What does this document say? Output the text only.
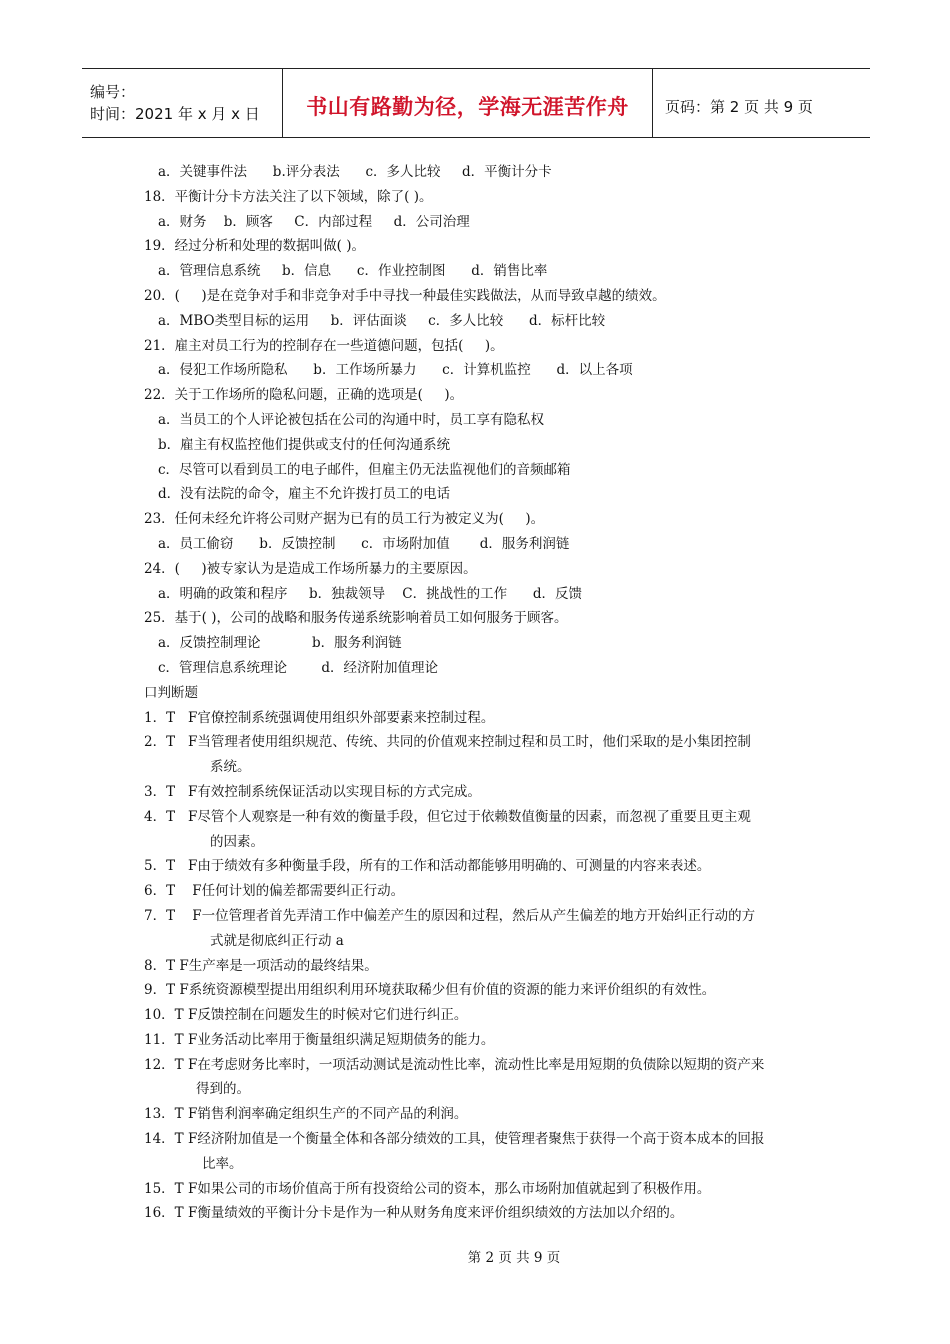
编号：
时间：2021 年 x 月 x 日	书山有路勤为径，学海无涯苦作舟 页码：第 2 页 共 9 页
a．关键事件法      b.评分表法      c．多人比较     d．平衡计分卡
18．平衡计分卡方法关注了以下领域，除了( )。
a．财务    b．顾客     C．内部过程     d．公司治理
19．经过分析和处理的数据叫做( )。
a．管理信息系统     b．信息      c．作业控制图      d．销售比率
20．(     )是在竞争对手和非竞争对手中寻找一种最佳实践做法，从而导致卓越的绩效。
a．MBO类型目标的运用     b．评估面谈     c．多人比较      d．标杆比较
21．雇主对员工行为的控制存在一些道德问题，包括(     )。
a．侵犯工作场所隐私      b．工作场所暴力      c．计算机监控      d．以上各项
22．关于工作场所的隐私问题，正确的选项是(     )。
a．当员工的个人评论被包括在公司的沟通中时，员工享有隐私权
b．雇主有权监控他们提供或支付的任何沟通系统
c．尽管可以看到员工的电子邮件，但雇主仍无法监视他们的音频邮箱
d．没有法院的命令，雇主不允许拨打员工的电话
23．任何未经允许将公司财产据为已有的员工行为被定义为(     )。
a．员工偷窃      b．反馈控制      c．市场附加值       d．服务利润链
24．(     )被专家认为是造成工作场所暴力的主要原因。
a．明确的政策和程序     b．独裁领导    C．挑战性的工作      d．反馈
25．基于( )，公司的战略和服务传递系统影响着员工如何服务于顾客。
a．反馈控制理论            b．服务利润链
c．管理信息系统理论        d．经济附加值理论
口判断题
1．T   F官僚控制系统强调使用组织外部要素来控制过程。
2．T   F当管理者使用组织规范、传统、共同的价值观来控制过程和员工时，他们采取的是小集团控制
系统。
3．T   F有效控制系统保证活动以实现目标的方式完成。
4．T   F尽管个人观察是一种有效的衡量手段，但它过于依赖数值衡量的因素，而忽视了重要且更主观
的因素。
5．T   F由于绩效有多种衡量手段，所有的工作和活动都能够用明确的、可测量的内容来表述。
6．T    F任何计划的偏差都需要纠正行动。
7．T    F一位管理者首先弄清工作中偏差产生的原因和过程，然后从产生偏差的地方开始纠正行动的方
式就是彻底纠正行动 a
8．T F生产率是一项活动的最终结果。
9．T F系统资源模型提出用组织利用环境获取稀少但有价值的资源的能力来评价组织的有效性。
10．T F反馈控制在问题发生的时候对它们进行纠正。
11．T F业务活动比率用于衡量组织满足短期债务的能力。
12．T F在考虑财务比率时，一项活动测试是流动性比率，流动性比率是用短期的负债除以短期的资产来
得到的。
13．T F销售利润率确定组织生产的不同产品的利润。
14．T F经济附加值是一个衡量全体和各部分绩效的工具，使管理者聚焦于获得一个高于资本成本的回报
比率。
15．T F如果公司的市场价值高于所有投资给公司的资本，那么市场附加值就起到了积极作用。
16．T F衡量绩效的平衡计分卡是作为一种从财务角度来评价组织绩效的方法加以介绍的。
第 2 页 共 9 页
